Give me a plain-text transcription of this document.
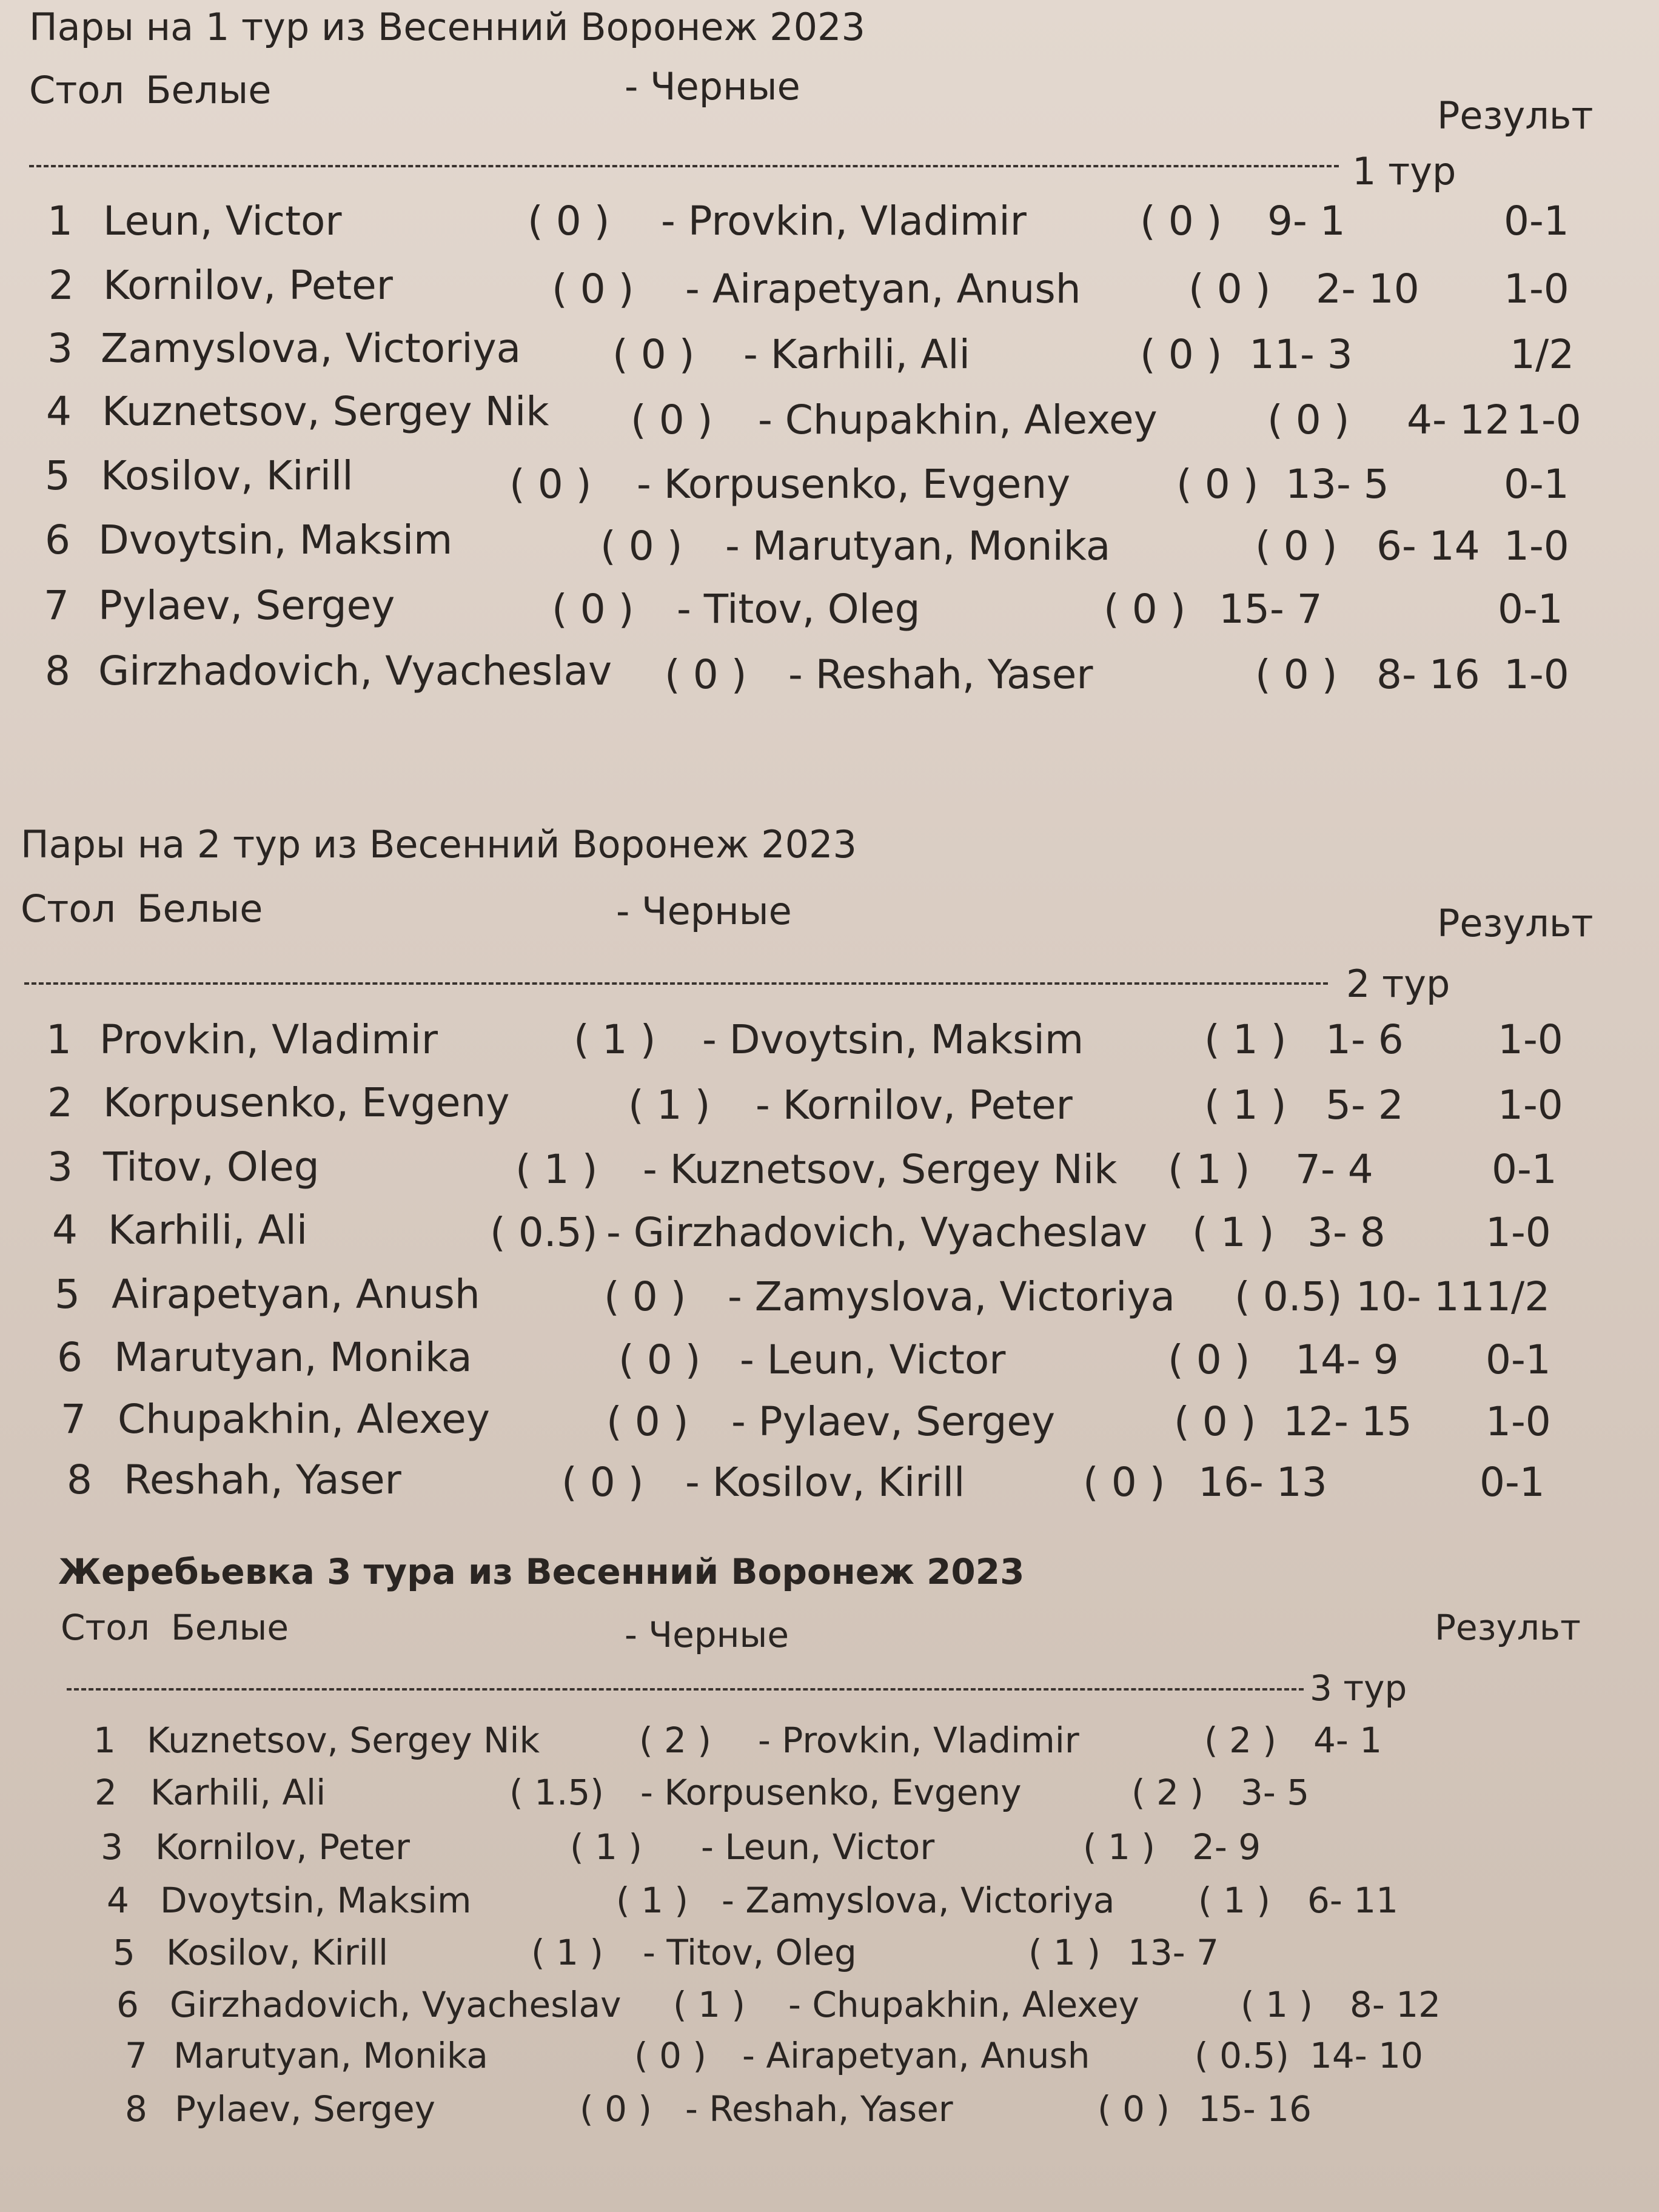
Пары на 1 тур из Весенний Воронеж 2023
Стол Белые	- Черные
Результ
1 тур
Пары на 2 тур из Весенний Воронеж 2023
Стол Белые	- Черные	Результ
2 тур
Жеребьевка 3 тура из Весенний Воронеж 2023
Стол Белые	- Черные	Результ
3 тур
1 Leun, Victor	( 0 ) - Provkin, Vladimir	( 0 ) 9- 1	0-1
2 Kornilov, Peter	( 0 ) - Airapetyan, Anush	( 0 ) 2- 10 1-0
3 Zamyslova, Victoriya ( 0 ) - Karhili, Ali	( 0 ) 11- 3	1/2
4 Kuznetsov, Sergey Nik ( 0 ) - Chupakhin, Alexey	( 0 ) 4- 12 1-0
5 Kosilov, Kirill	( 0 ) - Korpusenko, Evgeny	( 0 ) 13- 5	0-1
6 Dvoytsin, Maksim	( 0 ) - Marutyan, Monika	( 0 ) 6- 14 1-0
7 Pylaev, Sergey	( 0 ) - Titov, Oleg	( 0 ) 15- 7	0-1
8 Girzhadovich, Vyacheslav ( 0 ) - Reshah, Yaser	( 0 ) 8- 16 1-0
1 Provkin, Vladimir	( 1 ) - Dvoytsin, Maksim	( 1 ) 1- 6 1-0
2 Korpusenko, Evgeny	( 1 ) - Kornilov, Peter	( 1 ) 5- 2 1-0
3 Titov, Oleg	( 1 ) - Kuznetsov, Sergey Nik ( 1 ) 7- 4	0-1
4 Karhili, Ali	( 0.5) - Girzhadovich, Vyacheslav ( 1 ) 3- 8	1-0
5 Airapetyan, Anush	( 0 ) - Zamyslova, Victoriya ( 0.5) 10- 11 1/2
6 Marutyan, Monika	( 0 ) - Leun, Victor	( 0 ) 14- 9 0-1
7 Chupakhin, Alexey	( 0 ) - Pylaev, Sergey	( 0 ) 12- 15 1-0
8 Reshah, Yaser	( 0 ) - Kosilov, Kirill	( 0 ) 16- 13	0-1
1 Kuznetsov, Sergey Nik	( 2 ) - Provkin, Vladimir	( 2 ) 4- 1
2 Karhili, Ali	( 1.5) - Korpusenko, Evgeny	( 2 ) 3- 5
3 Kornilov, Peter	( 1 ) - Leun, Victor	( 1 ) 2- 9
4 Dvoytsin, Maksim	( 1 ) - Zamyslova, Victoriya ( 1 ) 6- 11
5 Kosilov, Kirill	( 1 ) - Titov, Oleg	( 1 ) 13- 7
6 Girzhadovich, Vyacheslav ( 1 ) - Chupakhin, Alexey	( 1 ) 8- 12
7 Marutyan, Monika	( 0 ) - Airapetyan, Anush	( 0.5) 14- 10
8 Pylaev, Sergey	( 0 ) - Reshah, Yaser	( 0 ) 15- 16
